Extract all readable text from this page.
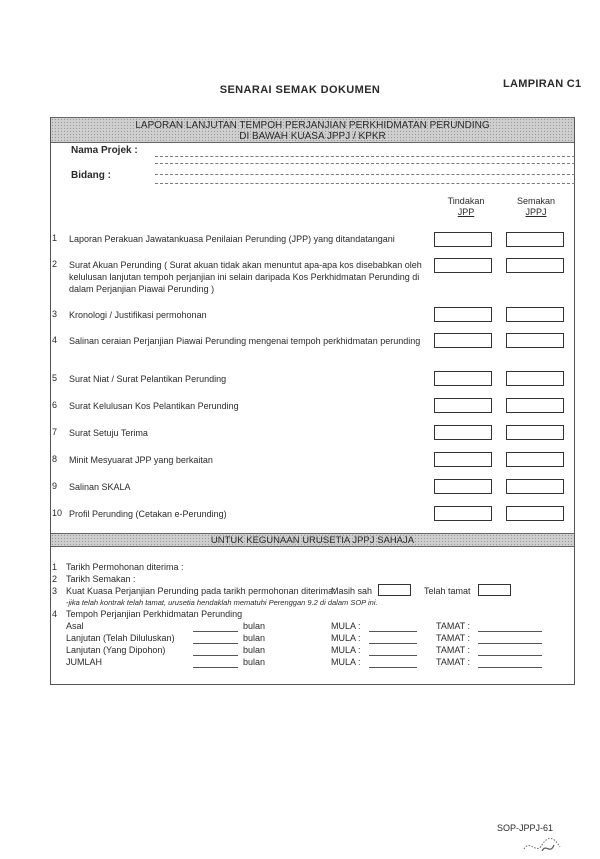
LAMPIRAN C1
SENARAI SEMAK DOKUMEN
LAPORAN LANJUTAN TEMPOH PERJANJIAN PERKHIDMATAN PERUNDING
DI BAWAH KUASA JPPJ / KPKR
Nama Projek :
Bidang :
Tindakan
JPP
Semakan
JPPJ
1	Laporan Perakuan Jawatankuasa Penilaian Perunding (JPP) yang ditandatangani
2	Surat Akuan Perunding ( Surat akuan tidak akan menuntut apa-apa kos disebabkan oleh kelulusan lanjutan tempoh perjanjian ini selain daripada Kos Perkhidmatan Perunding di dalam Perjanjian Piawai Perunding )
3	Kronologi / Justifikasi permohonan
4	Salinan ceraian Perjanjian Piawai Perunding mengenai tempoh perkhidmatan perunding
5	Surat Niat / Surat Pelantikan Perunding
6	Surat Kelulusan Kos Pelantikan Perunding
7	Surat Setuju Terima
8	Minit Mesyuarat JPP yang berkaitan
9	Salinan SKALA
10 Profil Perunding (Cetakan e-Perunding)
UNTUK KEGUNAAN URUSETIA JPPJ SAHAJA
1 Tarikh Permohonan diterima :
2 Tarikh Semakan :
3 Kuat Kuasa Perjanjian Perunding pada tarikh permohonan diterima:
Masih sah	Telah tamat
-jika telah kontrak telah tamat, urusetia hendaklah mematuhi Perenggan 9.2 di dalam SOP ini.
4 Tempoh Perjanjian Perkhidmatan Perunding
Asal	bulan	MULA :	TAMAT :
Lanjutan (Telah Diluluskan)	bulan	MULA :	TAMAT :
Lanjutan (Yang Dipohon)	bulan	MULA :	TAMAT :
JUMLAH	bulan	MULA :	TAMAT :
SOP-JPPJ-61
